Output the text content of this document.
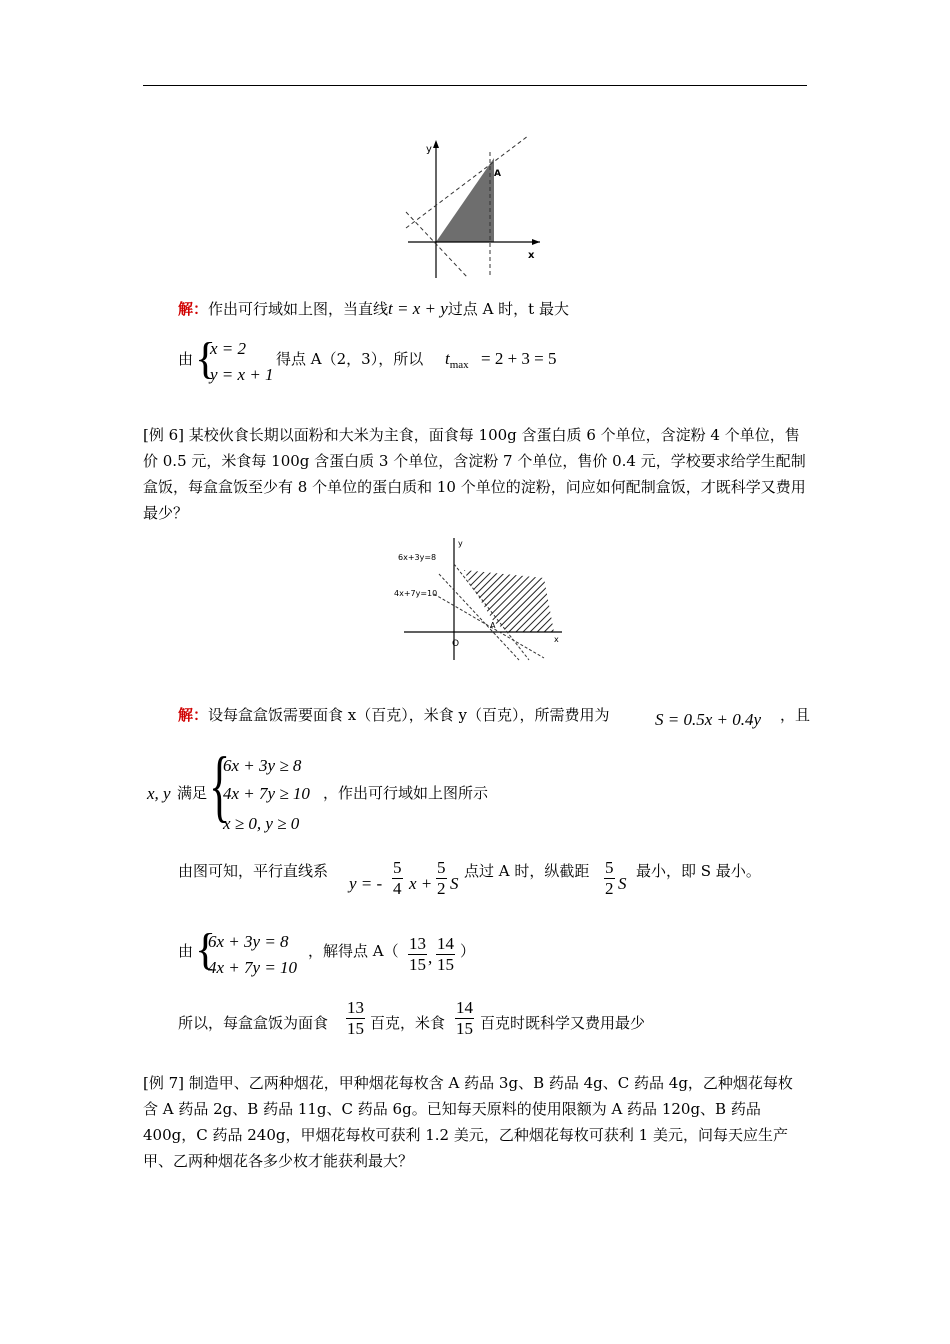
y
x
A
解：作出可行域如上图，当直线t = x + y过点 A 时，t 最大
由 {
x = 2
y = x + 1
得点 A（2，3），所以 $t_{max} = 2 + 3 = 5$
[例 6] 某校伙食长期以面粉和大米为主食，面食每 100g 含蛋白质 6 个单位，含淀粉 4 个单位，售价 0.5 元，米食每 100g 含蛋白质 3 个单位，含淀粉 7 个单位，售价 0.4 元，学校要求给学生配制盒饭，每盒盒饭至少有 8 个单位的蛋白质和 10 个单位的淀粉，问应如何配制盒饭，才既科学又费用最少？
6x+3y=8
4x+7y=10
y
A
O	x
解：设每盒盒饭需要面食 x（百克），米食 y（百克），所需费用为	S = 0.5x + 0.4y ，且
x, y 满足 {
6x + 3y ≥ 8
4x + 7y ≥ 10
x ≥ 0, y ≥ 0
，作出可行域如上图所示
由图可知，平行直线系
y = - $\frac{5}{4}$ $x + \frac{5}{2}$ S
点过 A 时，纵截距 $\frac{5}{2}$ S
最小，即 S 最小。
由 {
6x + 3y = 8
4x + 7y = 10
，解得点 $A( \frac{13}{15}$ , $\frac{14}{15}$ ）
所以，每盒盒饭为面食 $\frac{13}{15}$ 百克，米食 $\frac{14}{15}$ 百克时既科学又费用最少
[例 7] 制造甲、乙两种烟花，甲种烟花每枚含 A 药品 3g、B 药品 4g、C 药品 4g，乙种烟花每枚含 A 药品 2g、B 药品 11g、C 药品 6g。已知每天原料的使用限额为 A 药品 120g、B 药品 400g，C 药品 240g，甲烟花每枚可获利 1.2 美元，乙种烟花每枚可获利 1 美元，问每天应生产甲、乙两种烟花各多少枚才能获利最大？
